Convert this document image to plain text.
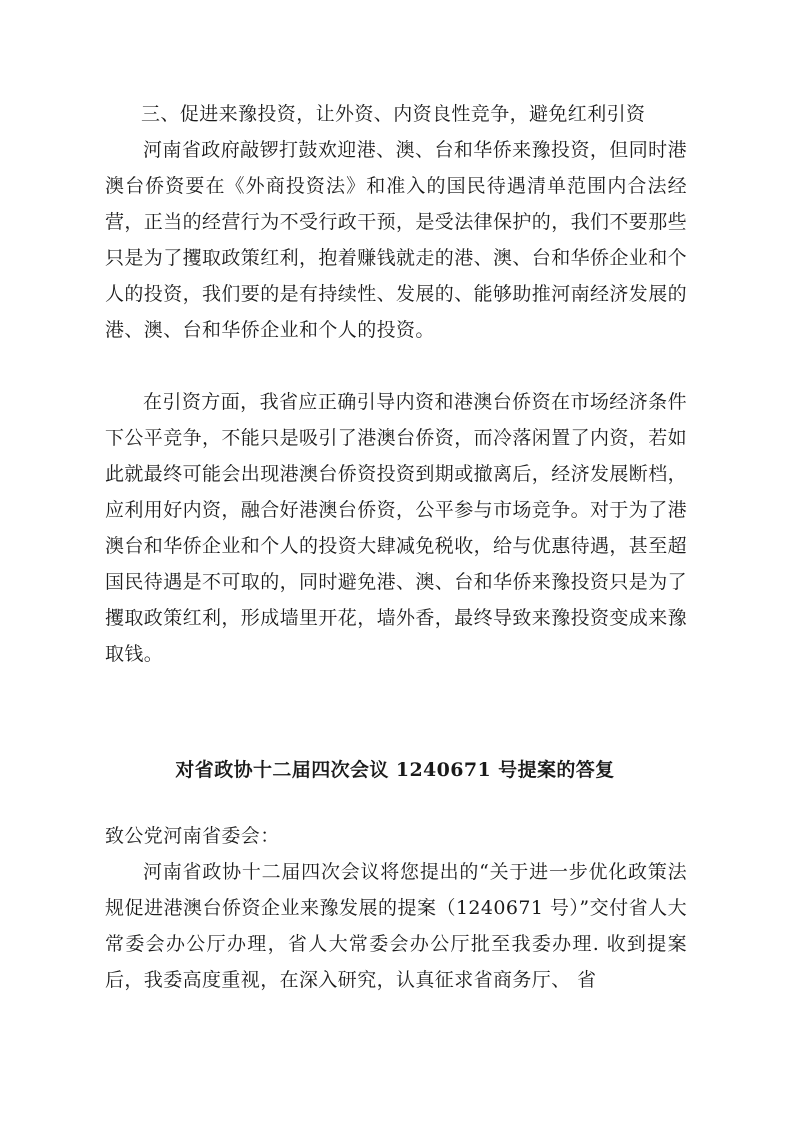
三、促进来豫投资，让外资、内资良性竞争，避免红利引资

河南省政府敲锣打鼓欢迎港、澳、台和华侨来豫投资，但同时港澳台侨资要在《外商投资法》和准入的国民待遇清单范围内合法经营，正当的经营行为不受行政干预，是受法律保护的，我们不要那些只是为了攫取政策红利，抱着赚钱就走的港、澳、台和华侨企业和个人的投资，我们要的是有持续性、发展的、能够助推河南经济发展的港、澳、台和华侨企业和个人的投资。

在引资方面，我省应正确引导内资和港澳台侨资在市场经济条件下公平竞争，不能只是吸引了港澳台侨资，而冷落闲置了内资，若如此就最终可能会出现港澳台侨资投资到期或撤离后，经济发展断档，应利用好内资，融合好港澳台侨资，公平参与市场竞争。对于为了港澳台和华侨企业和个人的投资大肆减免税收，给与优惠待遇，甚至超国民待遇是不可取的，同时避免港、澳、台和华侨来豫投资只是为了攫取政策红利，形成墙里开花，墙外香，最终导致来豫投资变成来豫取钱。

对省政协十二届四次会议 1240671 号提案的答复
致公党河南省委会：

河南省政协十二届四次会议将您提出的“关于进一步优化政策法规促进港澳台侨资企业来豫发展的提案（1240671 号）”交付省人大常委会办公厅办理，省人大常委会办公厅批至我委办理. 收到提案后，我委高度重视，在深入研究，认真征求省商务厅、 省
